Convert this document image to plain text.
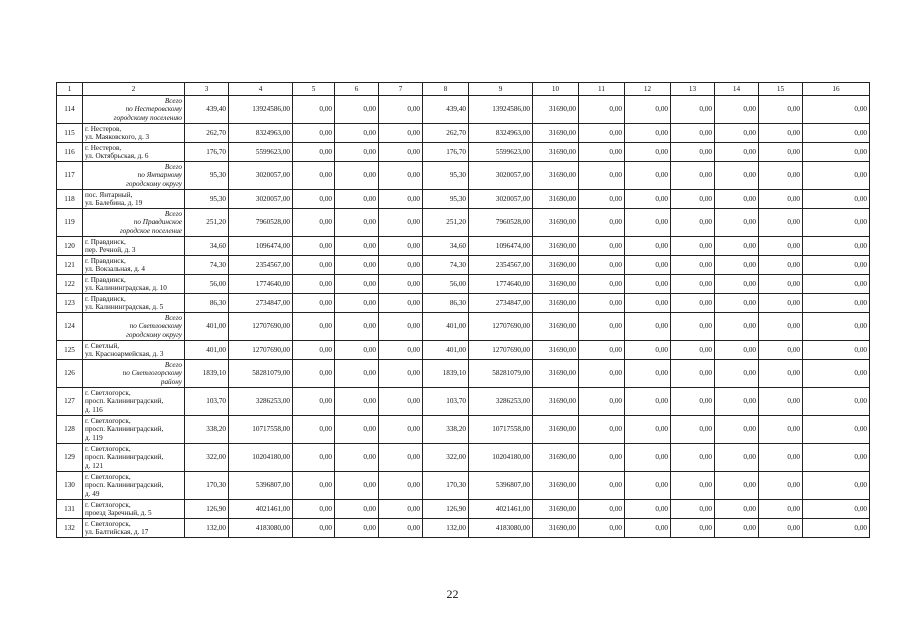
1	2	3	4	5	6	7	8	9	10	11	12	13	14	15	16
114	Всего
по Нестеровскому
городскому поселению	439,40	13924586,00	0,00	0,00	0,00	439,40	13924586,00	31690,00	0,00	0,00	0,00	0,00	0,00	0,00
115	г. Нестеров,
ул. Маяковского, д. 3	262,70	8324963,00	0,00	0,00	0,00	262,70	8324963,00	31690,00	0,00	0,00	0,00	0,00	0,00	0,00
116	г. Нестеров,
ул. Октябрьская, д. 6	176,70	5599623,00	0,00	0,00	0,00	176,70	5599623,00	31690,00	0,00	0,00	0,00	0,00	0,00	0,00
117	Всего
по Янтарному
городскому округу	95,30	3020057,00	0,00	0,00	0,00	95,30	3020057,00	31690,00	0,00	0,00	0,00	0,00	0,00	0,00
118	пос. Янтарный,
ул. Балебина, д. 19	95,30	3020057,00	0,00	0,00	0,00	95,30	3020057,00	31690,00	0,00	0,00	0,00	0,00	0,00	0,00
119	Всего
по Правдинское
городское поселение	251,20	7960528,00	0,00	0,00	0,00	251,20	7960528,00	31690,00	0,00	0,00	0,00	0,00	0,00	0,00
120	г. Правдинск,
пер. Речной, д. 3	34,60	1096474,00	0,00	0,00	0,00	34,60	1096474,00	31690,00	0,00	0,00	0,00	0,00	0,00	0,00
121	г. Правдинск,
ул. Вокзальная, д. 4	74,30	2354567,00	0,00	0,00	0,00	74,30	2354567,00	31690,00	0,00	0,00	0,00	0,00	0,00	0,00
122	г. Правдинск,
ул. Калининградская, д. 10	56,00	1774640,00	0,00	0,00	0,00	56,00	1774640,00	31690,00	0,00	0,00	0,00	0,00	0,00	0,00
123	г. Правдинск,
ул. Калининградская, д. 5	86,30	2734847,00	0,00	0,00	0,00	86,30	2734847,00	31690,00	0,00	0,00	0,00	0,00	0,00	0,00
124	Всего
по Светловскому
городскому округу	401,00	12707690,00	0,00	0,00	0,00	401,00	12707690,00	31690,00	0,00	0,00	0,00	0,00	0,00	0,00
125	г. Светлый,
ул. Красноармейская, д. 3	401,00	12707690,00	0,00	0,00	0,00	401,00	12707690,00	31690,00	0,00	0,00	0,00	0,00	0,00	0,00
126	Всего
по Светлогорскому
району	1839,10	58281079,00	0,00	0,00	0,00	1839,10	58281079,00	31690,00	0,00	0,00	0,00	0,00	0,00	0,00
127	г. Светлогорск,
просп. Калининградский,
д. 116	103,70	3286253,00	0,00	0,00	0,00	103,70	3286253,00	31690,00	0,00	0,00	0,00	0,00	0,00	0,00
128	г. Светлогорск,
просп. Калининградский,
д. 119	338,20	10717558,00	0,00	0,00	0,00	338,20	10717558,00	31690,00	0,00	0,00	0,00	0,00	0,00	0,00
129	г. Светлогорск,
просп. Калининградский,
д. 121	322,00	10204180,00	0,00	0,00	0,00	322,00	10204180,00	31690,00	0,00	0,00	0,00	0,00	0,00	0,00
130	г. Светлогорск,
просп. Калининградский,
д. 49	170,30	5396807,00	0,00	0,00	0,00	170,30	5396807,00	31690,00	0,00	0,00	0,00	0,00	0,00	0,00
131	г. Светлогорск,
проезд Заречный, д. 5	126,90	4021461,00	0,00	0,00	0,00	126,90	4021461,00	31690,00	0,00	0,00	0,00	0,00	0,00	0,00
132	г. Светлогорск,
ул. Балтийская, д. 17	132,00	4183080,00	0,00	0,00	0,00	132,00	4183080,00	31690,00	0,00	0,00	0,00	0,00	0,00	0,00
22
